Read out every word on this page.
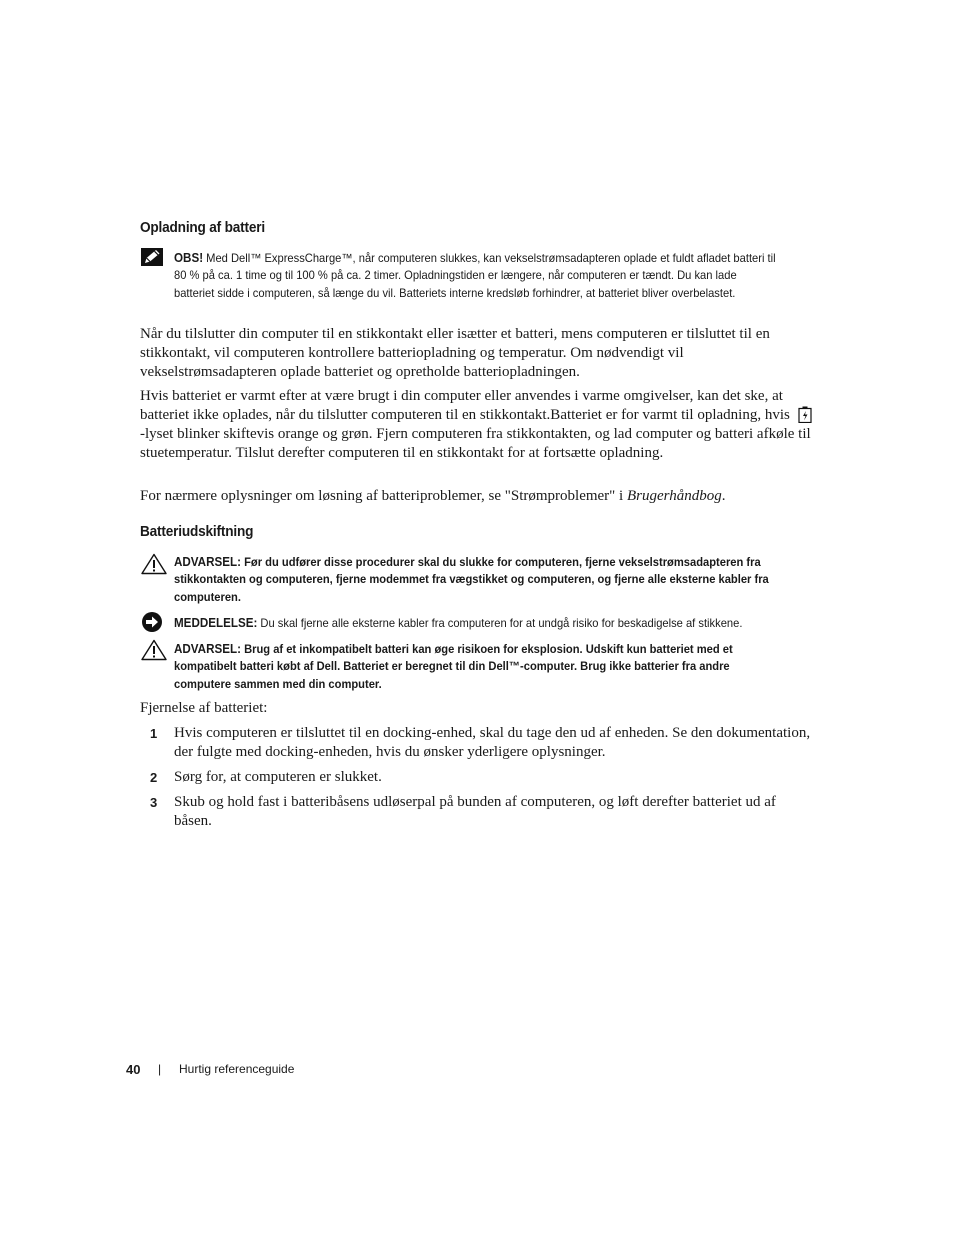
Opladning af batteri
OBS! Med Dell™ ExpressCharge™, når computeren slukkes, kan vekselstrømsadapteren oplade et fuldt afladet batteri til 80 % på ca. 1 time og til 100 % på ca. 2 timer. Opladningstiden er længere, når computeren er tændt. Du kan lade batteriet sidde i computeren, så længe du vil. Batteriets interne kredsløb forhindrer, at batteriet bliver overbelastet.

Når du tilslutter din computer til en stikkontakt eller isætter et batteri, mens computeren er tilsluttet til en stikkontakt, vil computeren kontrollere batteriopladning og temperatur. Om nødvendigt vil vekselstrømsadapteren oplade batteriet og opretholde batteriopladningen.

Hvis batteriet er varmt efter at være brugt i din computer eller anvendes i varme omgivelser, kan det ske, at batteriet ikke oplades, når du tilslutter computeren til en stikkontakt.Batteriet er for varmt til opladning, hvis-lyset blinker skiftevis orange og grøn. Fjern computeren fra stikkontakten, og lad computer og batteri afkøle til stuetemperatur. Tilslut derefter computeren til en stikkontakt for at fortsætte opladning.

For nærmere oplysninger om løsning af batteriproblemer, se "Strømproblemer" i Brugerhåndbog.

Batteriudskiftning
ADVARSEL: Før du udfører disse procedurer skal du slukke for computeren, fjerne vekselstrømsadapteren fra stikkontakten og computeren, fjerne modemmet fra vægstikket og computeren, og fjerne alle eksterne kabler fra computeren.
MEDDELELSE: Du skal fjerne alle eksterne kabler fra computeren for at undgå risiko for beskadigelse af stikkene.
ADVARSEL: Brug af et inkompatibelt batteri kan øge risikoen for eksplosion. Udskift kun batteriet med et kompatibelt batteri købt af Dell. Batteriet er beregnet til din Dell™-computer. Brug ikke batterier fra andre computere sammen med din computer.

Fjernelse af batteriet:

1 Hvis computeren er tilsluttet til en docking-enhed, skal du tage den ud af enheden. Se den dokumentation, der fulgte med docking-enheden, hvis du ønsker yderligere oplysninger.
2 Sørg for, at computeren er slukket.
3 Skub og hold fast i batteribåsens udløserpal på bunden af computeren, og løft derefter batteriet ud af båsen.
40 | Hurtig referenceguide
